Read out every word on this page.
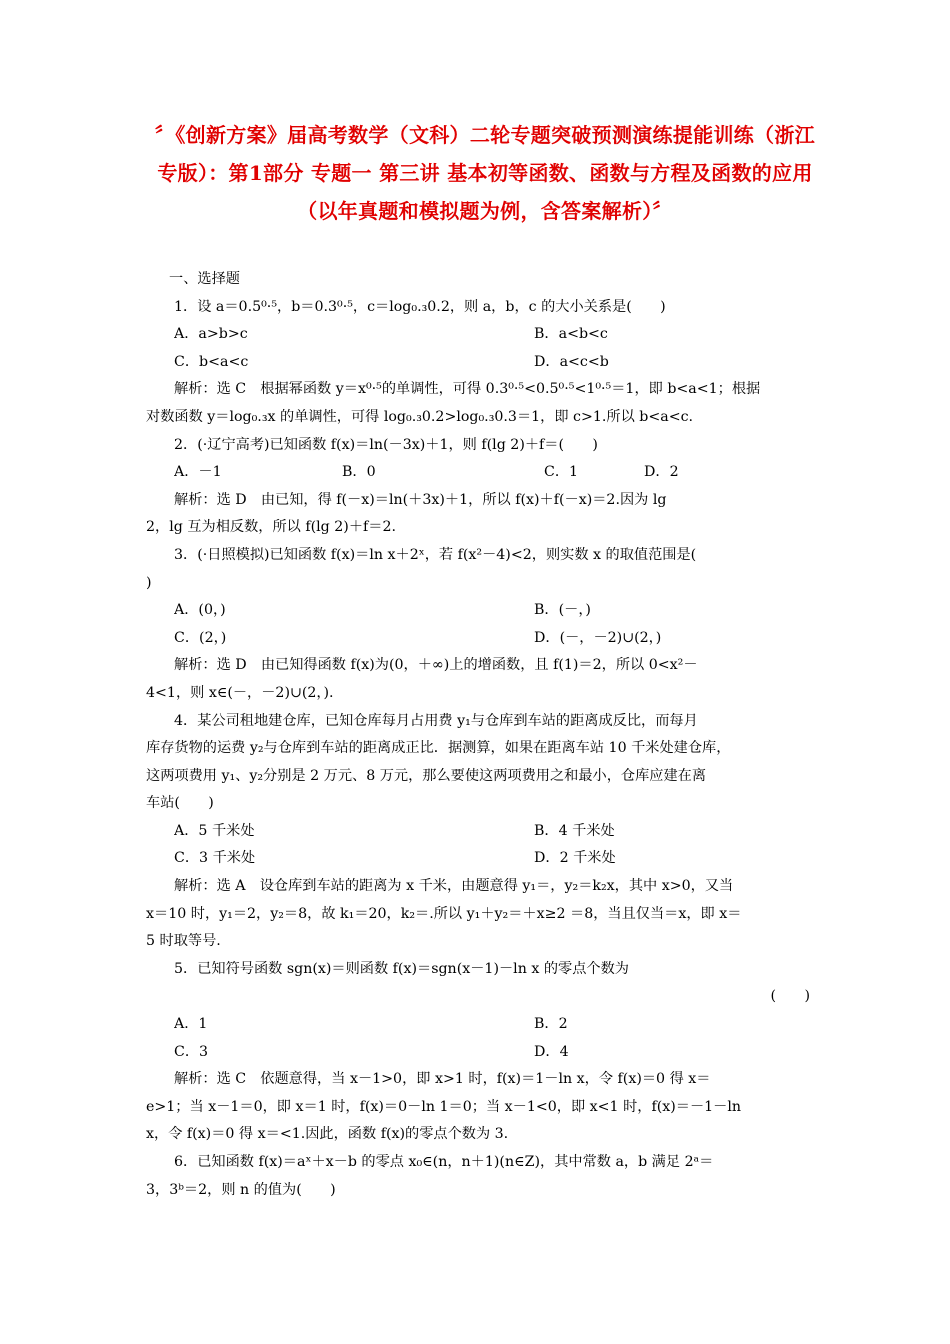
〞《创新方案》届高考数学（文科）二轮专题突破预测演练提能训练（浙江专版）：第1部分 专题一 第三讲 基本初等函数、函数与方程及函数的应用 （以年真题和模拟题为例，含答案解析）〞
一、选择题
1．设 a＝0.5⁰·⁵，b＝0.3⁰·⁵，c＝log₀.₃0.2，则 a，b，c 的大小关系是(　　)
A．a>b>c	B．a<b<c
C．b<a<c	D．a<c<b
解析：选 C　根据幂函数 y＝x⁰·⁵的单调性，可得 0.3⁰·⁵<0.5⁰·⁵<1⁰·⁵＝1，即 b<a<1；根据
对数函数 y＝log₀.₃x 的单调性，可得 log₀.₃0.2>log₀.₃0.3＝1，即 c>1.所以 b<a<c.
2．(·辽宁高考)已知函数 f(x)＝ln(－3x)＋1，则 f(lg 2)＋f＝(　　)
A．－1	B．0	C．1	D．2
解析：选 D　由已知，得 f(－x)＝ln(＋3x)＋1，所以 f(x)＋f(－x)＝2.因为 lg
2，lg 互为相反数，所以 f(lg 2)＋f＝2.
3．(·日照模拟)已知函数 f(x)＝ln x＋2ˣ，若 f(x²－4)<2，则实数 x 的取值范围是(
)
A．(0，)	B．(－，)
C．(2，)	D．(－，－2)∪(2，)
解析：选 D　由已知得函数 f(x)为(0，＋∞)上的增函数，且 f(1)＝2，所以 0<x²－
4<1，则 x∈(－，－2)∪(2，).
4．某公司租地建仓库，已知仓库每月占用费 y₁与仓库到车站的距离成反比，而每月
库存货物的运费 y₂与仓库到车站的距离成正比．据测算，如果在距离车站 10 千米处建仓库，
这两项费用 y₁、y₂分别是 2 万元、8 万元，那么要使这两项费用之和最小，仓库应建在离
车站(　　)
A．5 千米处	B．4 千米处
C．3 千米处	D．2 千米处
解析：选 A　设仓库到车站的距离为 x 千米，由题意得 y₁＝，y₂＝k₂x，其中 x>0，又当
x＝10 时，y₁＝2，y₂＝8，故 k₁＝20，k₂＝.所以 y₁＋y₂＝＋x≥2 ＝8，当且仅当＝x，即 x＝
5 时取等号.
5．已知符号函数 sgn(x)＝则函数 f(x)＝sgn(x－1)－ln x 的零点个数为
(　　)
A．1	B．2
C．3	D．4
解析：选 C　依题意得，当 x－1>0，即 x>1 时，f(x)＝1－ln x，令 f(x)＝0 得 x＝
e>1；当 x－1＝0，即 x＝1 时，f(x)＝0－ln 1＝0；当 x－1<0，即 x<1 时，f(x)＝－1－ln
x，令 f(x)＝0 得 x＝<1.因此，函数 f(x)的零点个数为 3.
6．已知函数 f(x)＝aˣ＋x－b 的零点 x₀∈(n，n＋1)(n∈Z)，其中常数 a，b 满足 2ᵃ＝
3，3ᵇ＝2，则 n 的值为(　　)
